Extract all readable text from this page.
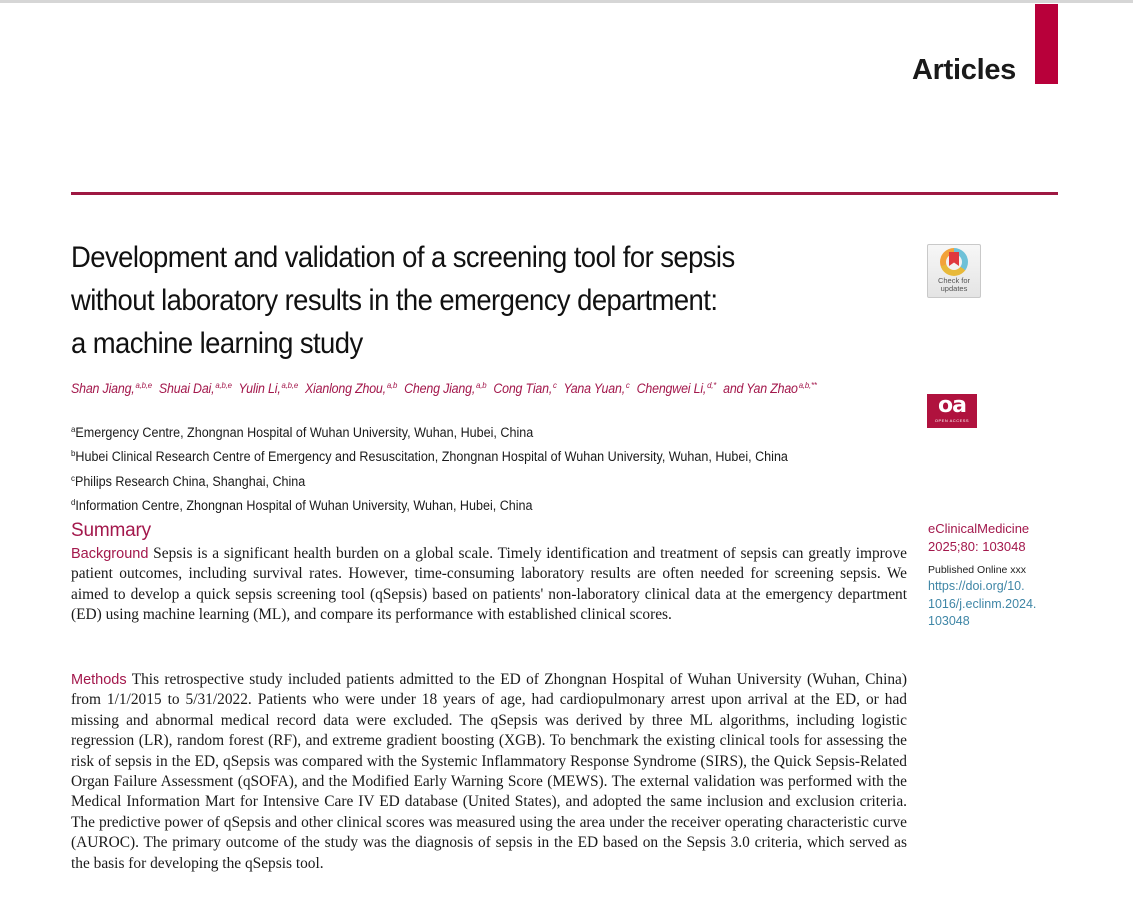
Articles
Development and validation of a screening tool for sepsis
without laboratory results in the emergency department:
a machine learning study
Shan Jiang,$^{a,b,e}$ Shuai Dai,$^{a,b,e}$ Yulin Li,$^{a,b,e}$ Xianlong Zhou,$^{a,b}$ Cheng Jiang,$^{a,b}$ Cong Tian,$^c$ Yana Yuan,$^c$ Chengwei Li,$^{d,*}$ and Yan Zhao$^{a,b,**}$
$^a$Emergency Centre, Zhongnan Hospital of Wuhan University, Wuhan, Hubei, China
$^b$Hubei Clinical Research Centre of Emergency and Resuscitation, Zhongnan Hospital of Wuhan University, Wuhan, Hubei, China
$^c$Philips Research China, Shanghai, China
$^d$Information Centre, Zhongnan Hospital of Wuhan University, Wuhan, Hubei, China
Check for
updates
oa
OPEN ACCESS
Summary

Background Sepsis is a significant health burden on a global scale. Timely identification and treatment of sepsis can greatly improve patient outcomes, including survival rates. However, time-consuming laboratory results are often needed for screening sepsis. We aimed to develop a quick sepsis screening tool (qSepsis) based on patients' non-laboratory clinical data at the emergency department (ED) using machine learning (ML), and compare its performance with established clinical scores.

Methods This retrospective study included patients admitted to the ED of Zhongnan Hospital of Wuhan University (Wuhan, China) from 1/1/2015 to 5/31/2022. Patients who were under 18 years of age, had cardiopulmonary arrest upon arrival at the ED, or had missing and abnormal medical record data were excluded. The qSepsis was derived by three ML algorithms, including logistic regression (LR), random forest (RF), and extreme gradient boosting (XGB). To benchmark the existing clinical tools for assessing the risk of sepsis in the ED, qSepsis was compared with the Systemic Inflammatory Response Syndrome (SIRS), the Quick Sepsis-Related Organ Failure Assessment (qSOFA), and the Modified Early Warning Score (MEWS). The external validation was performed with the Medical Information Mart for Intensive Care IV ED database (United States), and adopted the same inclusion and exclusion criteria. The predictive power of qSepsis and other clinical scores was measured using the area under the receiver operating characteristic curve (AUROC). The primary outcome of the study was the diagnosis of sepsis in the ED based on the Sepsis 3.0 criteria, which served as the basis for developing the qSepsis tool.

eClinicalMedicine
2025;80: 103048
Published Online xxx
https://doi.org/10.
1016/j.eclinm.2024.
103048
